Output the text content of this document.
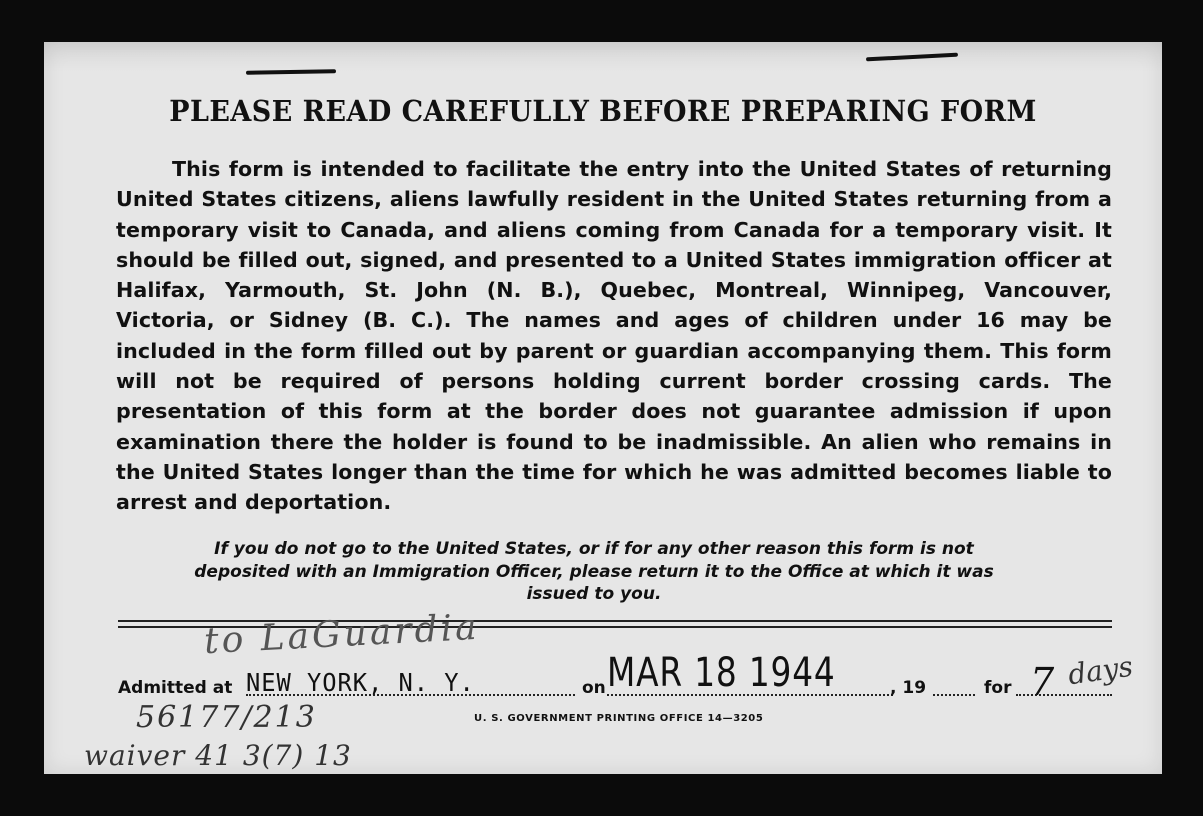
PLEASE READ CAREFULLY BEFORE PREPARING FORM

This form is intended to facilitate the entry into the United States of returning United States citizens, aliens lawfully resident in the United States returning from a temporary visit to Canada, and aliens coming from Canada for a temporary visit. It should be filled out, signed, and presented to a United States immigration officer at Halifax, Yarmouth, St. John (N. B.), Quebec, Montreal, Winnipeg, Vancouver, Victoria, or Sidney (B. C.). The names and ages of children under 16 may be included in the form filled out by parent or guardian accompanying them. This form will not be required of persons holding current border crossing cards. The presentation of this form at the border does not guarantee admission if upon examination there the holder is found to be inadmissible. An alien who remains in the United States longer than the time for which he was admitted becomes liable to arrest and deportation.

If you do not go to the United States, or if for any other reason this form is not deposited with an Immigration Officer, please return it to the Office at which it was issued to you.

to LaGuardia
Admitted at NEW YORK, N. Y.	on MAR 18 1944	, 19	for 7 days
56177/213	U. S. GOVERNMENT PRINTING OFFICE 14—3205
waiver 41 3(7) 13
